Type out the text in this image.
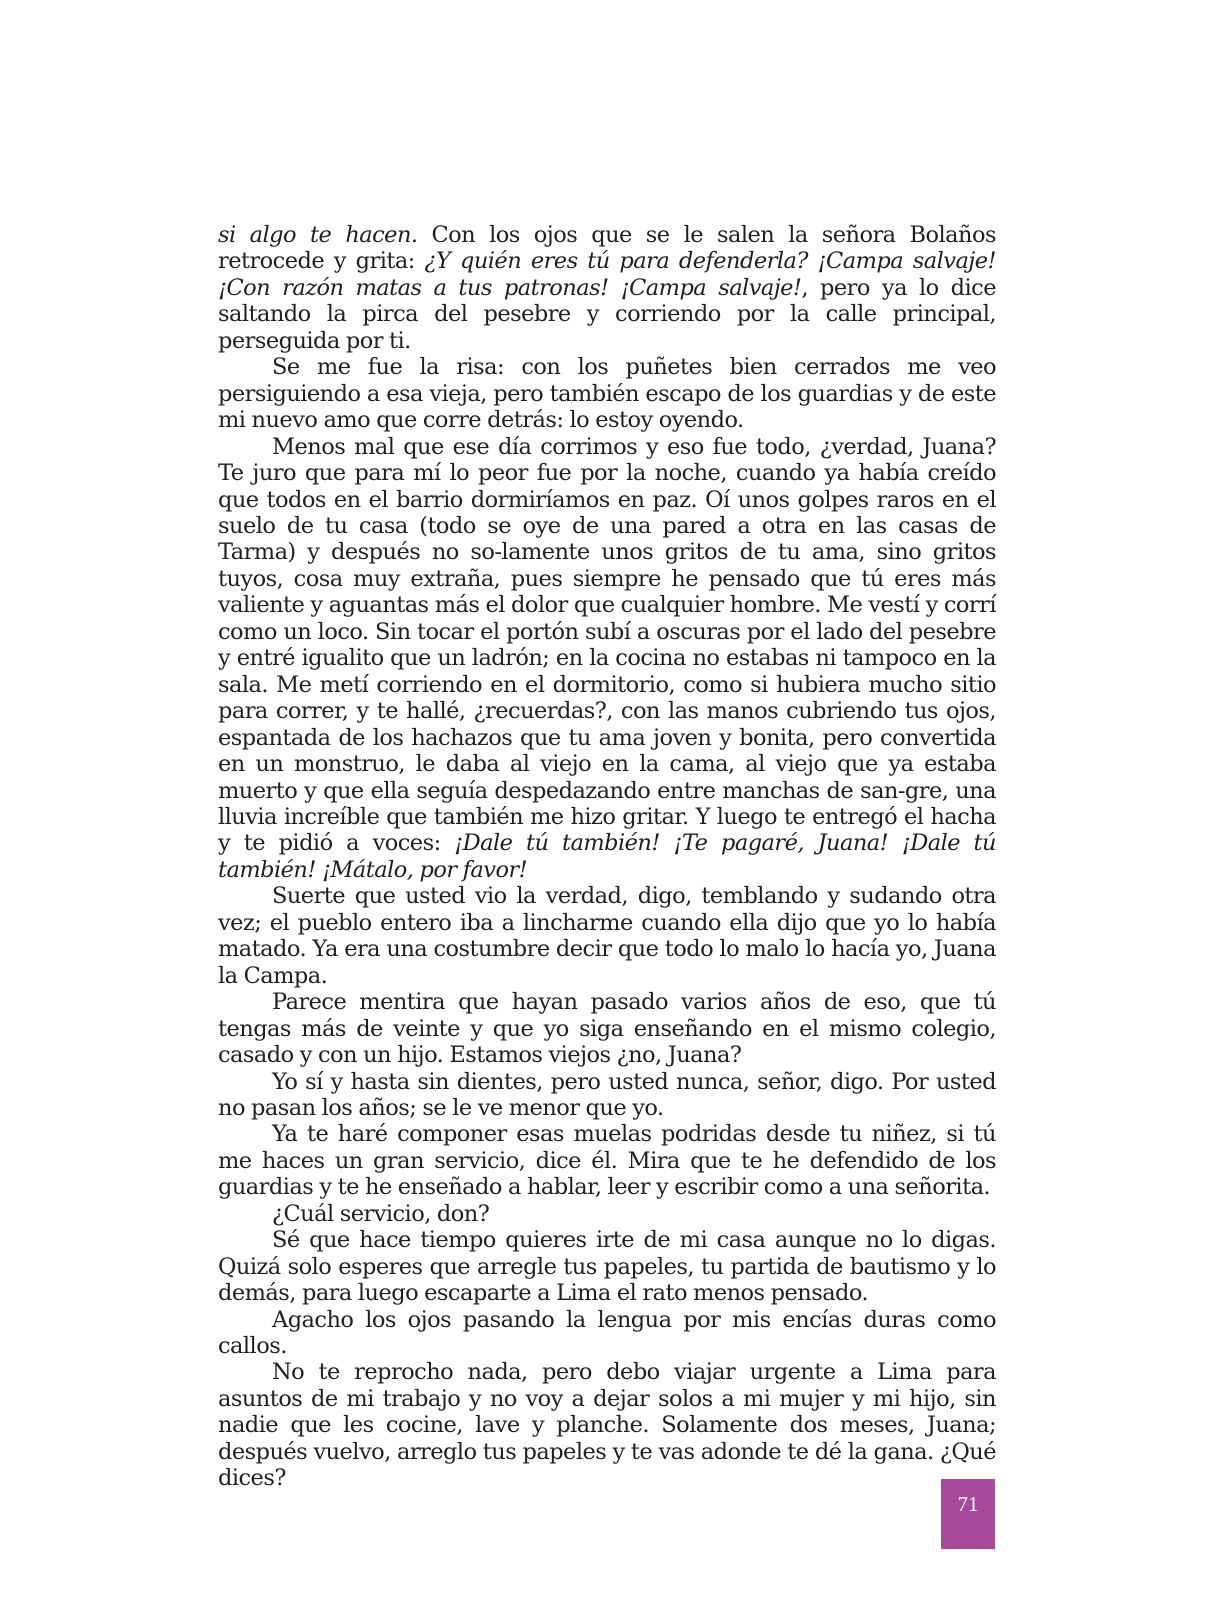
si algo te hacen. Con los ojos que se le salen la señora Bolaños retrocede y grita: ¿Y quién eres tú para defenderla? ¡Campa salvaje! ¡Con razón matas a tus patronas! ¡Campa salvaje!, pero ya lo dice saltando la pirca del pesebre y corriendo por la calle principal, perseguida por ti.

Se me fue la risa: con los puñetes bien cerrados me veo persiguiendo a esa vieja, pero también escapo de los guardias y de este mi nuevo amo que corre detrás: lo estoy oyendo.

Menos mal que ese día corrimos y eso fue todo, ¿verdad, Juana? Te juro que para mí lo peor fue por la noche, cuando ya había creído que todos en el barrio dormiríamos en paz. Oí unos golpes raros en el suelo de tu casa (todo se oye de una pared a otra en las casas de Tarma) y después no so-lamente unos gritos de tu ama, sino gritos tuyos, cosa muy extraña, pues siempre he pensado que tú eres más valiente y aguantas más el dolor que cualquier hombre. Me vestí y corrí como un loco. Sin tocar el portón subí a oscuras por el lado del pesebre y entré igualito que un ladrón; en la cocina no estabas ni tampoco en la sala. Me metí corriendo en el dormitorio, como si hubiera mucho sitio para correr, y te hallé, ¿recuerdas?, con las manos cubriendo tus ojos, espantada de los hachazos que tu ama joven y bonita, pero convertida en un monstruo, le daba al viejo en la cama, al viejo que ya estaba muerto y que ella seguía despedazando entre manchas de san-gre, una lluvia increíble que también me hizo gritar. Y luego te entregó el hacha y te pidió a voces: ¡Dale tú también! ¡Te pagaré, Juana! ¡Dale tú también! ¡Mátalo, por favor!

Suerte que usted vio la verdad, digo, temblando y sudando otra vez; el pueblo entero iba a lincharme cuando ella dijo que yo lo había matado. Ya era una costumbre decir que todo lo malo lo hacía yo, Juana la Campa.

Parece mentira que hayan pasado varios años de eso, que tú tengas más de veinte y que yo siga enseñando en el mismo colegio, casado y con un hijo. Estamos viejos ¿no, Juana?

Yo sí y hasta sin dientes, pero usted nunca, señor, digo. Por usted no pasan los años; se le ve menor que yo.

Ya te haré componer esas muelas podridas desde tu niñez, si tú me haces un gran servicio, dice él. Mira que te he defendido de los guardias y te he enseñado a hablar, leer y escribir como a una señorita.

¿Cuál servicio, don?

Sé que hace tiempo quieres irte de mi casa aunque no lo digas. Quizá solo esperes que arregle tus papeles, tu partida de bautismo y lo demás, para luego escaparte a Lima el rato menos pensado.

Agacho los ojos pasando la lengua por mis encías duras como callos.

No te reprocho nada, pero debo viajar urgente a Lima para asuntos de mi trabajo y no voy a dejar solos a mi mujer y mi hijo, sin nadie que les cocine, lave y planche. Solamente dos meses, Juana; después vuelvo, arreglo tus papeles y te vas adonde te dé la gana. ¿Qué dices?

71
